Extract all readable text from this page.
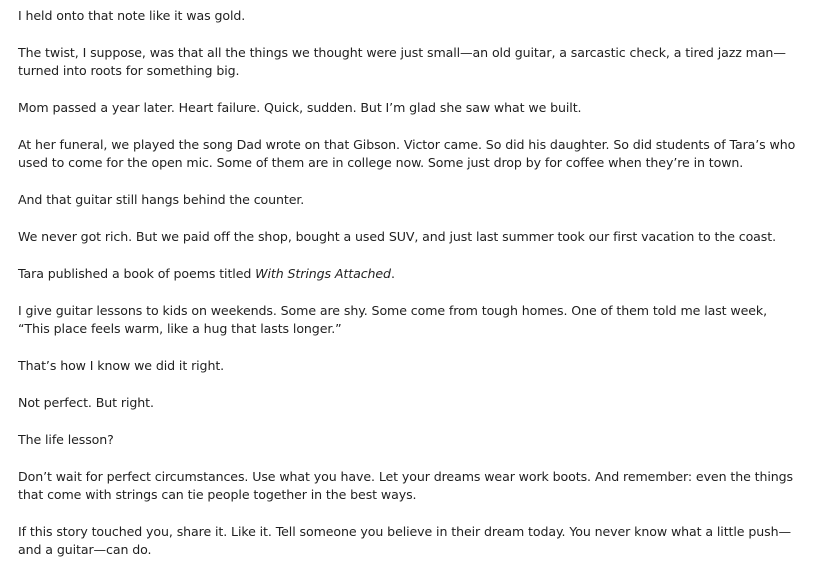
I held onto that note like it was gold.

The twist, I suppose, was that all the things we thought were just small—an old guitar, a sarcastic check, a tired jazz man—turned into roots for something big.

Mom passed a year later. Heart failure. Quick, sudden. But I’m glad she saw what we built.

At her funeral, we played the song Dad wrote on that Gibson. Victor came. So did his daughter. So did students of Tara’s who used to come for the open mic. Some of them are in college now. Some just drop by for coffee when they’re in town.

And that guitar still hangs behind the counter.

We never got rich. But we paid off the shop, bought a used SUV, and just last summer took our first vacation to the coast.

Tara published a book of poems titled With Strings Attached.

I give guitar lessons to kids on weekends. Some are shy. Some come from tough homes. One of them told me last week, “This place feels warm, like a hug that lasts longer.”

That’s how I know we did it right.

Not perfect. But right.

The life lesson?

Don’t wait for perfect circumstances. Use what you have. Let your dreams wear work boots. And remember: even the things that come with strings can tie people together in the best ways.

If this story touched you, share it. Like it. Tell someone you believe in their dream today. You never know what a little push—and a guitar—can do.
